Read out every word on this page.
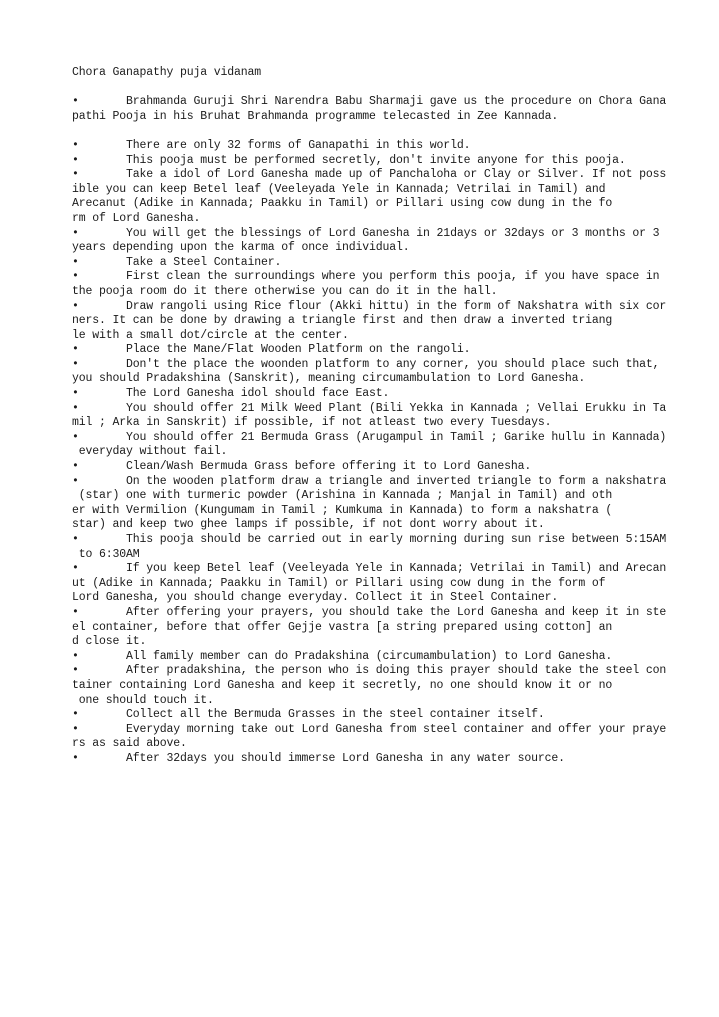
Chora Ganapathy puja vidanam
•       Brahmanda Guruji Shri Narendra Babu Sharmaji gave us the procedure on Chora Gana
pathi Pooja in his Bruhat Brahmanda programme telecasted in Zee Kannada.
•       There are only 32 forms of Ganapathi in this world.
•       This pooja must be performed secretly, don't invite anyone for this pooja.
•       Take a idol of Lord Ganesha made up of Panchaloha or Clay or Silver. If not poss
ible you can keep Betel leaf (Veeleyada Yele in Kannada; Vetrilai in Tamil) and
Arecanut (Adike in Kannada; Paakku in Tamil) or Pillari using cow dung in the fo
rm of Lord Ganesha.
•       You will get the blessings of Lord Ganesha in 21days or 32days or 3 months or 3
years depending upon the karma of once individual.
•       Take a Steel Container.
•       First clean the surroundings where you perform this pooja, if you have space in
the pooja room do it there otherwise you can do it in the hall.
•       Draw rangoli using Rice flour (Akki hittu) in the form of Nakshatra with six cor
ners. It can be done by drawing a triangle first and then draw a inverted triang
le with a small dot/circle at the center.
•       Place the Mane/Flat Wooden Platform on the rangoli.
•       Don't the place the woonden platform to any corner, you should place such that,
you should Pradakshina (Sanskrit), meaning circumambulation to Lord Ganesha.
•       The Lord Ganesha idol should face East.
•       You should offer 21 Milk Weed Plant (Bili Yekka in Kannada ; Vellai Erukku in Ta
mil ; Arka in Sanskrit) if possible, if not atleast two every Tuesdays.
•       You should offer 21 Bermuda Grass (Arugampul in Tamil ; Garike hullu in Kannada)
everyday without fail.
•       Clean/Wash Bermuda Grass before offering it to Lord Ganesha.
•       On the wooden platform draw a triangle and inverted triangle to form a nakshatra
(star) one with turmeric powder (Arishina in Kannada ; Manjal in Tamil) and oth
er with Vermilion (Kungumam in Tamil ; Kumkuma in Kannada) to form a nakshatra (
star) and keep two ghee lamps if possible, if not dont worry about it.
•       This pooja should be carried out in early morning during sun rise between 5:15AM
to 6:30AM
•       If you keep Betel leaf (Veeleyada Yele in Kannada; Vetrilai in Tamil) and Arecan
ut (Adike in Kannada; Paakku in Tamil) or Pillari using cow dung in the form of
Lord Ganesha, you should change everyday. Collect it in Steel Container.
•       After offering your prayers, you should take the Lord Ganesha and keep it in ste
el container, before that offer Gejje vastra [a string prepared using cotton] an
d close it.
•       All family member can do Pradakshina (circumambulation) to Lord Ganesha.
•       After pradakshina, the person who is doing this prayer should take the steel con
tainer containing Lord Ganesha and keep it secretly, no one should know it or no
one should touch it.
•       Collect all the Bermuda Grasses in the steel container itself.
•       Everyday morning take out Lord Ganesha from steel container and offer your praye
rs as said above.
•       After 32days you should immerse Lord Ganesha in any water source.
